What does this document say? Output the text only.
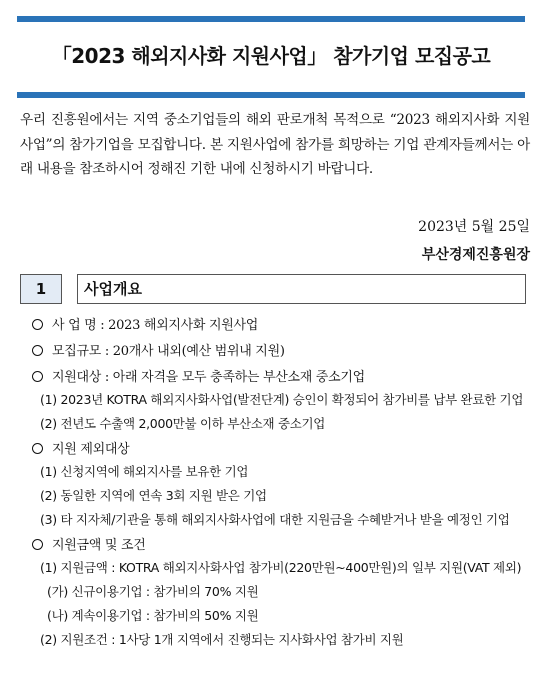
「2023 해외지사화 지원사업」 참가기업 모집공고
우리 진흥원에서는 지역 중소기업들의 해외 판로개척 목적으로 “2023 해외지사화 지원사업”의 참가기업을 모집합니다. 본 지원사업에 참가를 희망하는 기업 관계자들께서는 아래 내용을 참조하시어 정해진 기한 내에 신청하시기 바랍니다.
2023년 5월 25일
부산경제진흥원장
1	사업개요
사 업 명 : 2023 해외지사화 지원사업
모집규모 : 20개사 내외(예산 범위내 지원)
지원대상 : 아래 자격을 모두 충족하는 부산소재 중소기업
(1) 2023년 KOTRA 해외지사화사업(발전단계) 승인이 확정되어 참가비를 납부 완료한 기업
(2) 전년도 수출액 2,000만불 이하 부산소재 중소기업
지원 제외대상
(1) 신청지역에 해외지사를 보유한 기업
(2) 동일한 지역에 연속 3회 지원 받은 기업
(3) 타 지자체/기관을 통해 해외지사화사업에 대한 지원금을 수혜받거나 받을 예정인 기업
지원금액 및 조건
(1) 지원금액 : KOTRA 해외지사화사업 참가비(220만원~400만원)의 일부 지원(VAT 제외)
(가) 신규이용기업 : 참가비의 70% 지원
(나) 계속이용기업 : 참가비의 50% 지원
(2) 지원조건 : 1사당 1개 지역에서 진행되는 지사화사업 참가비 지원
